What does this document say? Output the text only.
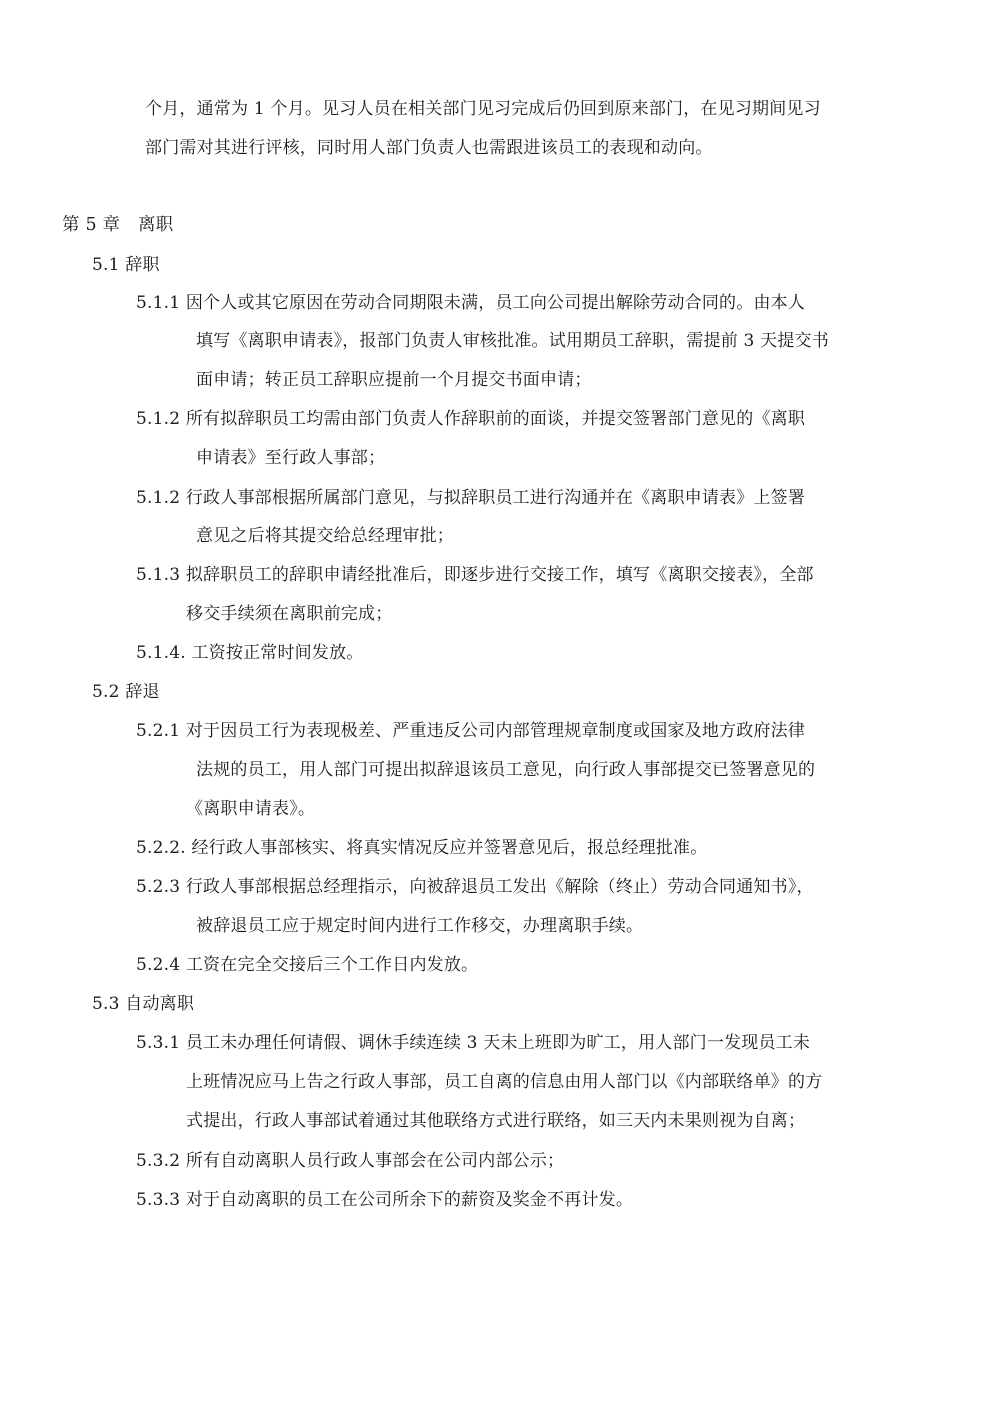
个月，通常为 1 个月。见习人员在相关部门见习完成后仍回到原来部门，在见习期间见习
部门需对其进行评核，同时用人部门负责人也需跟进该员工的表现和动向。
第 5 章　离职
5.1 辞职
5.1.1 因个人或其它原因在劳动合同期限未满，员工向公司提出解除劳动合同的。由本人
填写《离职申请表》，报部门负责人审核批准。试用期员工辞职，需提前 3 天提交书
面申请；转正员工辞职应提前一个月提交书面申请；
5.1.2 所有拟辞职员工均需由部门负责人作辞职前的面谈，并提交签署部门意见的《离职
申请表》至行政人事部；
5.1.2 行政人事部根据所属部门意见，与拟辞职员工进行沟通并在《离职申请表》上签署
意见之后将其提交给总经理审批；
5.1.3 拟辞职员工的辞职申请经批准后，即逐步进行交接工作，填写《离职交接表》，全部
移交手续须在离职前完成；
5.1.4. 工资按正常时间发放。
5.2 辞退
5.2.1 对于因员工行为表现极差、严重违反公司内部管理规章制度或国家及地方政府法律
法规的员工，用人部门可提出拟辞退该员工意见，向行政人事部提交已签署意见的
《离职申请表》。
5.2.2. 经行政人事部核实、将真实情况反应并签署意见后，报总经理批准。
5.2.3 行政人事部根据总经理指示，向被辞退员工发出《解除（终止）劳动合同通知书》，
被辞退员工应于规定时间内进行工作移交，办理离职手续。
5.2.4 工资在完全交接后三个工作日内发放。
5.3 自动离职
5.3.1 员工未办理任何请假、调休手续连续 3 天未上班即为旷工，用人部门一发现员工未
上班情况应马上告之行政人事部，员工自离的信息由用人部门以《内部联络单》的方
式提出，行政人事部试着通过其他联络方式进行联络，如三天内未果则视为自离；
5.3.2 所有自动离职人员行政人事部会在公司内部公示；
5.3.3 对于自动离职的员工在公司所余下的薪资及奖金不再计发。
